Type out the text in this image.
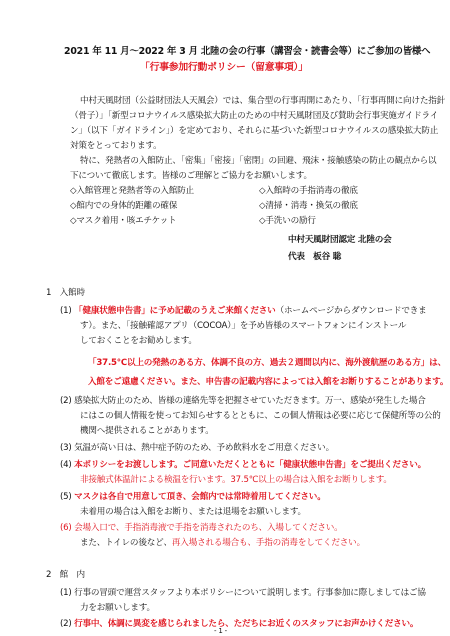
2021 年 11 月〜2022 年 3 月 北陸の会の行事（講習会・読書会等）にご参加の皆様へ
「行事参加行動ポリシー（留意事項）」
中村天風財団（公益財団法人天風会）では、集合型の行事再開にあたり、「行事再開に向けた指針
（骨子）」「新型コロナウイルス感染拡大防止のための中村天風財団及び賛助会行事実施ガイドライ
ン」（以下「ガイドライン」）を定めており、それらに基づいた新型コロナウイルスの感染拡大防止
対策をとっております。
特に、発熱者の入館防止、「密集」「密接」「密閉」の回避、飛沫・接触感染の防止の観点から以
下について徹底します。皆様のご理解とご協力をお願いします。
◇入館管理と発熱者等の入館防止	◇入館時の手指消毒の徹底
◇館内での身体的距離の確保	◇清掃・消毒・換気の徹底
◇マスク着用・咳エチケット	◇手洗いの励行
中村天風財団認定 北陸の会
代表　板谷 聡
1　入館時
(1) 「健康状態申告書」に予め記載のうえご来館ください（ホームページからダウンロードできま
す）。また、「接触確認アプリ（COCOA）」を予め皆様のスマートフォンにインストール
しておくことをお勧めします。
「37.5℃以上の発熱のある方、体調不良の方、過去２週間以内に、海外渡航歴のある方」は、
入館をご遠慮ください。また、申告書の記載内容によっては入館をお断りすることがあります。
(2) 感染拡大防止のため、皆様の連絡先等を把握させていただきます。万一、感染が発生した場合
にはこの個人情報を使ってお知らせするとともに、この個人情報は必要に応じて保健所等の公的
機関へ提供されることがあります。
(3) 気温が高い日は、熱中症予防のため、予め飲料水をご用意ください。
(4) 本ポリシーをお渡しします。ご同意いただくとともに「健康状態申告書」をご提出ください。
非接触式体温計による検温を行います。37.5℃以上の場合は入館をお断りします。
(5) マスクは各自で用意して頂き、会館内では常時着用してください。
未着用の場合は入館をお断り、または退場をお願いします。
(6) 会場入口で、手指消毒液で手指を消毒されたのち、入場してください。
また、トイレの後など、再入場される場合も、手指の消毒をしてください。
2　館　内
(1) 行事の冒頭で運営スタッフより本ポリシーについて説明します。行事参加に際しましてはご協
力をお願いします。
(2) 行事中、体調に異変を感じられましたら、ただちにお近くのスタッフにお声かけください。
- 1 -
